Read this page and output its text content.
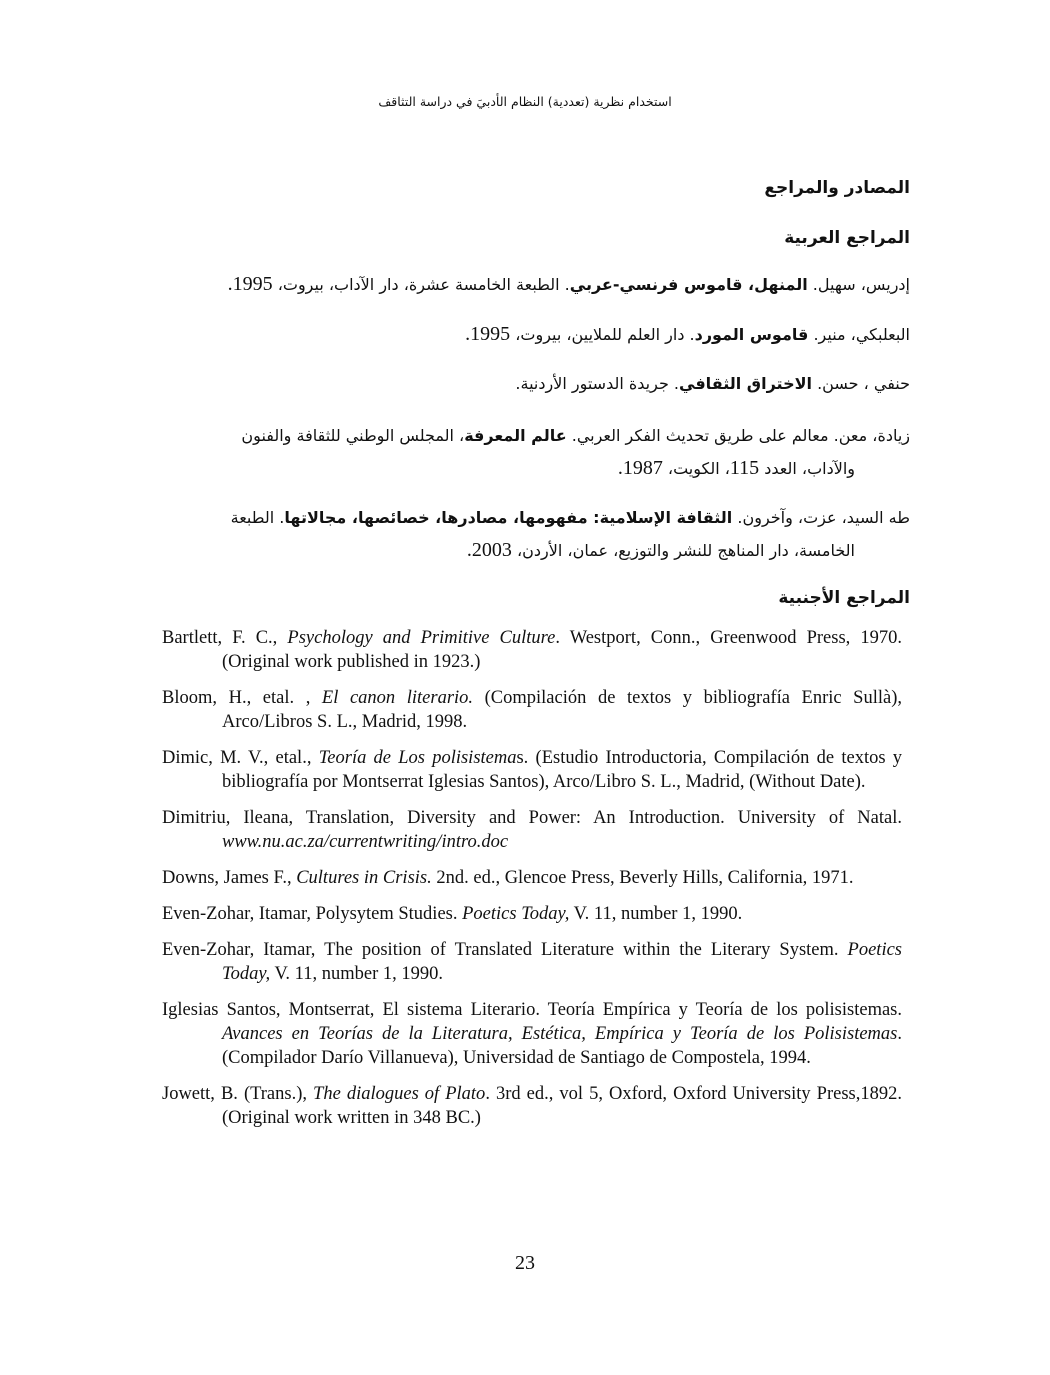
استخدام نظرية (تعددية) النظام الأدبيَ في دراسة التثاقف
المصادر والمراجع
المراجع العربية
إدريس، سهيل. المنهل، قاموس فرنسي-عربي. الطبعة الخامسة عشرة، دار الآداب، بيروت، 1995.
البعلبكي، منير. قاموس المورد. دار العلم للملايين، بيروت، 1995.
حنفي ، حسن. الاختراق الثقافي. جريدة الدستور الأردنية.
زيادة، معن. معالم على طريق تحديث الفكر العربي. عالم المعرفة، المجلس الوطني للثقافة والفنون
والآداب، العدد 115، الكويت، 1987.
طه السيد، عزت، وآخرون. الثقافة الإسلامية: مفهومها، مصادرها، خصائصها، مجالاتها. الطبعة
الخامسة، دار المناهج للنشر والتوزيع، عمان، الأردن، 2003.
المراجع الأجنبية
Bartlett, F. C., Psychology and Primitive Culture. Westport, Conn., Greenwood Press, 1970. (Original work published in 1923.)
Bloom, H., etal. , El canon literario. (Compilación de textos y bibliografía Enric Sullà), Arco/Libros S. L., Madrid, 1998.
Dimic, M. V., etal., Teoría de Los polisistemas. (Estudio Introductoria, Compilación de textos y bibliografía por Montserrat Iglesias Santos), Arco/Libro S. L., Madrid, (Without Date).
Dimitriu, Ileana, Translation, Diversity and Power: An Introduction. University of Natal. www.nu.ac.za/currentwriting/intro.doc
Downs, James F., Cultures in Crisis. 2nd. ed., Glencoe Press, Beverly Hills, California, 1971.
Even-Zohar, Itamar, Polysytem Studies. Poetics Today, V. 11, number 1, 1990.
Even-Zohar, Itamar, The position of Translated Literature within the Literary System. Poetics Today, V. 11, number 1, 1990.
Iglesias Santos, Montserrat, El sistema Literario. Teoría Empírica y Teoría de los polisistemas. Avances en Teorías de la Literatura, Estética, Empírica y Teoría de los Polisistemas. (Compilador Darío Villanueva), Universidad de Santiago de Compostela, 1994.
Jowett, B. (Trans.), The dialogues of Plato. 3rd ed., vol 5, Oxford, Oxford University Press,1892. (Original work written in 348 BC.)
23
